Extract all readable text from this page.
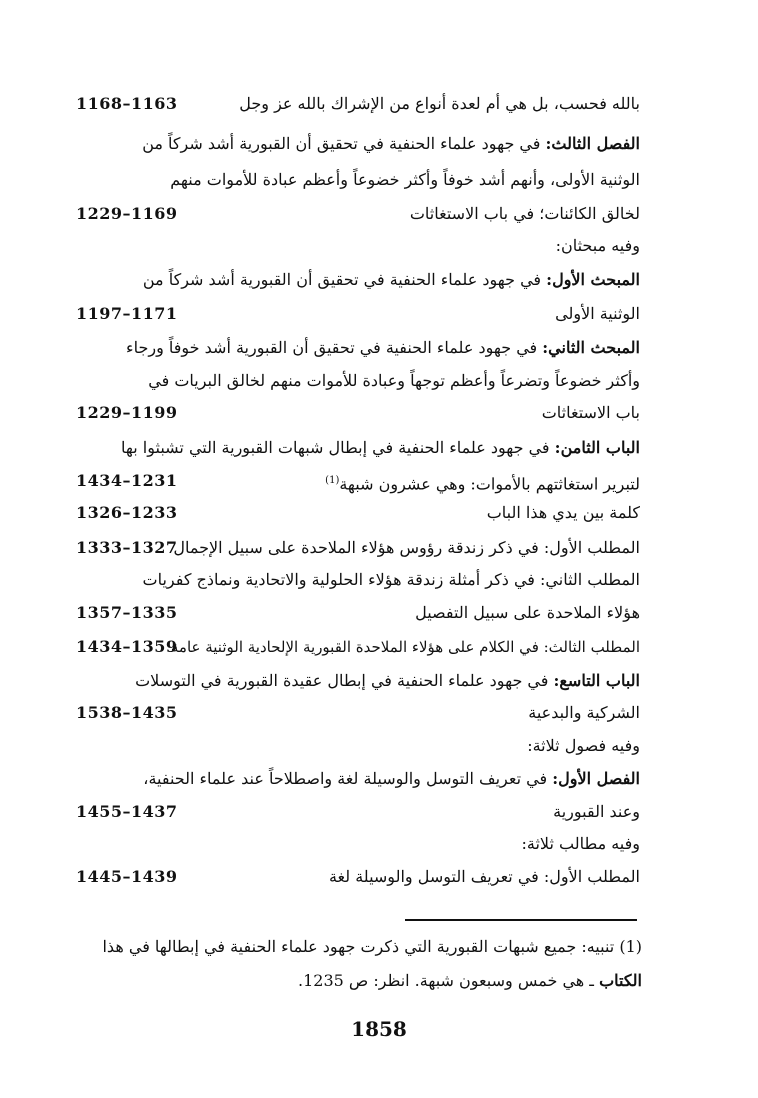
بالله فحسب، بل هي أم لعدة أنواع من الإشراك بالله عز وجل
1168–1163
الفصل الثالث: في جهود علماء الحنفية في تحقيق أن القبورية أشد شركاً من
الوثنية الأولى، وأنهم أشد خوفاً وأكثر خضوعاً وأعظم عبادة للأموات منهم
لخالق الكائنات؛ في باب الاستغاثات
1229–1169
وفيه مبحثان:
المبحث الأول: في جهود علماء الحنفية في تحقيق أن القبورية أشد شركاً من
الوثنية الأولى
1197–1171
المبحث الثاني: في جهود علماء الحنفية في تحقيق أن القبورية أشد خوفاً ورجاء
وأكثر خضوعاً وتضرعاً وأعظم توجهاً وعبادة للأموات منهم لخالق البريات في
باب الاستغاثات
1229–1199
الباب الثامن: في جهود علماء الحنفية في إبطال شبهات القبورية التي تشبثوا بها
لتبرير استغاثتهم بالأموات: وهي عشرون شبهة$^{(1)}$
1434–1231
كلمة بين يدي هذا الباب
1326–1233
المطلب الأول: في ذكر زندقة رؤوس هؤلاء الملاحدة على سبيل الإجمال
1333–1327
المطلب الثاني: في ذكر أمثلة زندقة هؤلاء الحلولية والاتحادية ونماذج كفريات
هؤلاء الملاحدة على سبيل التفصيل
1357–1335
المطلب الثالث: في الكلام على هؤلاء الملاحدة القبورية الإلحادية الوثنية عامة
1434–1359
الباب التاسع: في جهود علماء الحنفية في إبطال عقيدة القبورية في التوسلات
الشركية والبدعية
1538–1435
وفيه فصول ثلاثة:
الفصل الأول: في تعريف التوسل والوسيلة لغة واصطلاحاً عند علماء الحنفية،
وعند القبورية
1455–1437
وفيه مطالب ثلاثة:
المطلب الأول: في تعريف التوسل والوسيلة لغة
1445–1439
(1) تنبيه: جميع شبهات القبورية التي ذكرت جهود علماء الحنفية في إبطالها في هذا
الكتاب ـ هي خمس وسبعون شبهة. انظر: ص 1235.
1858
